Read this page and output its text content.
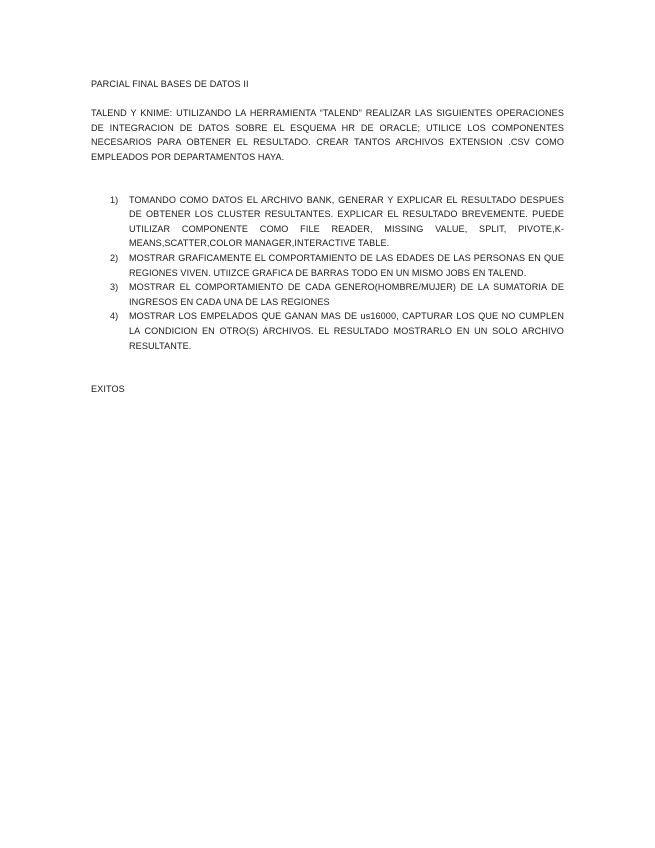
PARCIAL FINAL BASES DE DATOS II

TALEND Y KNIME: UTILIZANDO LA HERRAMIENTA “TALEND” REALIZAR LAS SIGUIENTES OPERACIONES DE INTEGRACION DE DATOS SOBRE EL ESQUEMA HR DE ORACLE; UTILICE LOS COMPONENTES NECESARIOS PARA OBTENER EL RESULTADO. CREAR TANTOS ARCHIVOS EXTENSION .CSV COMO EMPLEADOS POR DEPARTAMENTOS HAYA.

1) TOMANDO COMO DATOS EL ARCHIVO BANK, GENERAR Y EXPLICAR EL RESULTADO DESPUES DE OBTENER LOS CLUSTER RESULTANTES. EXPLICAR EL RESULTADO BREVEMENTE. PUEDE UTILIZAR COMPONENTE COMO FILE READER, MISSING VALUE, SPLIT, PIVOTE,K-MEANS,SCATTER,COLOR MANAGER,INTERACTIVE TABLE.
2) MOSTRAR GRAFICAMENTE EL COMPORTAMIENTO DE LAS EDADES DE LAS PERSONAS EN QUE REGIONES VIVEN. UTIIZCE GRAFICA DE BARRAS TODO EN UN MISMO JOBS EN TALEND.
3) MOSTRAR EL COMPORTAMIENTO DE CADA GENERO(HOMBRE/MUJER) DE LA SUMATORIA DE INGRESOS EN CADA UNA DE LAS REGIONES
4) MOSTRAR LOS EMPELADOS QUE GANAN MAS DE us16000, CAPTURAR LOS QUE NO CUMPLEN LA CONDICION EN OTRO(S) ARCHIVOS. EL RESULTADO MOSTRARLO EN UN SOLO ARCHIVO RESULTANTE.

EXITOS
